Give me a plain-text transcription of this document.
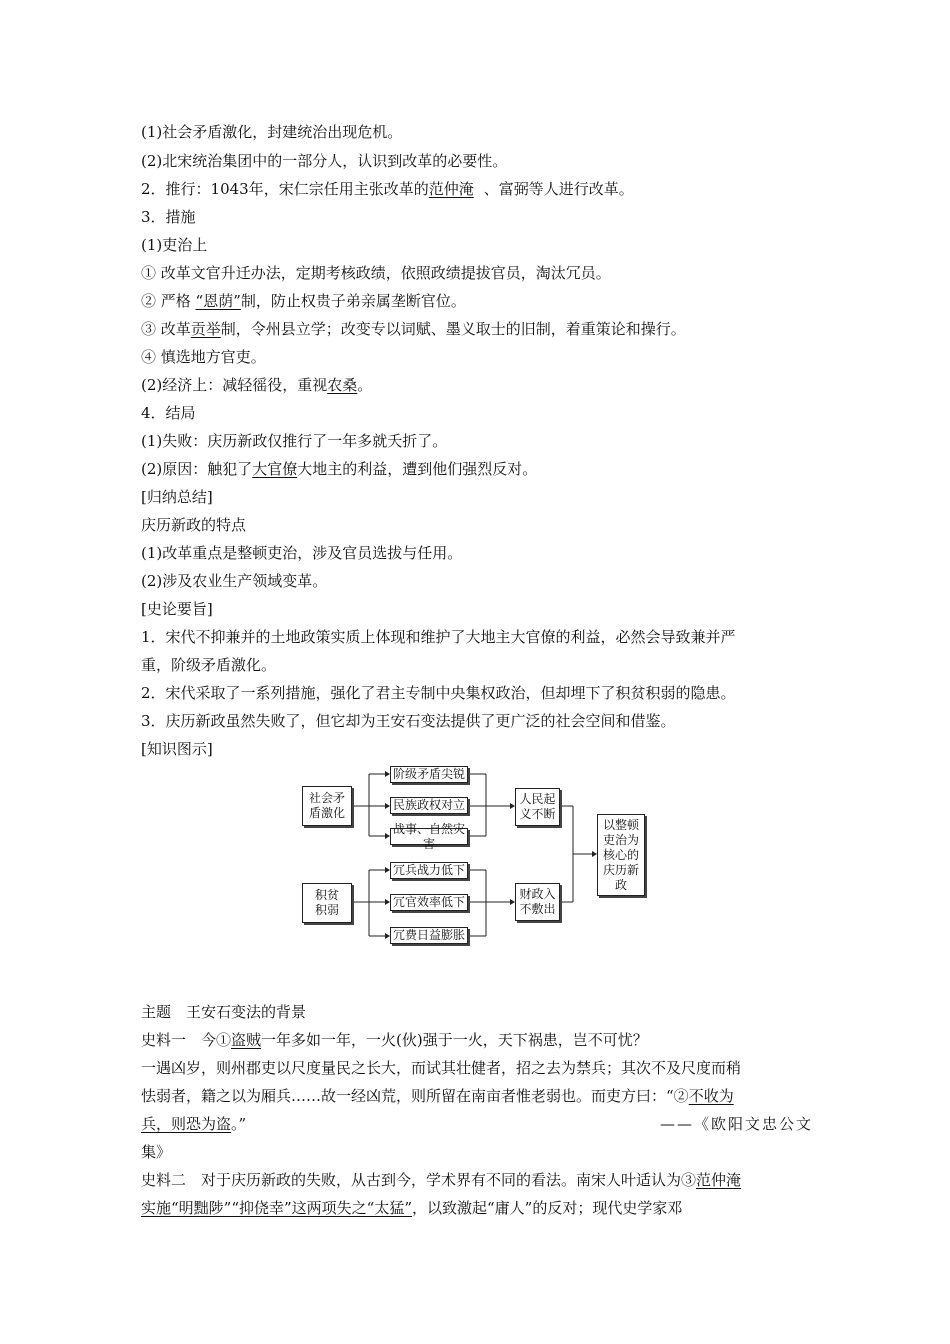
(1)社会矛盾激化，封建统治出现危机。
(2)北宋统治集团中的一部分人，认识到改革的必要性。
2．推行：1043年，宋仁宗任用主张改革的范仲淹 、富弼等人进行改革。
3．措施
(1)吏治上
① 改革文官升迁办法，定期考核政绩，依照政绩提拔官员，淘汰冗员。
② 严格 “恩荫”制，防止权贵子弟亲属垄断官位。
③ 改革贡举制，令州县立学；改变专以词赋、墨义取士的旧制，着重策论和操行。
④ 慎选地方官吏。
(2)经济上：减轻徭役，重视农桑。
4．结局
(1)失败：庆历新政仅推行了一年多就夭折了。
(2)原因：触犯了大官僚大地主的利益，遭到他们强烈反对。
[归纳总结]
庆历新政的特点
(1)改革重点是整顿吏治，涉及官员选拔与任用。
(2)涉及农业生产领域变革。
[史论要旨]
1．宋代不抑兼并的土地政策实质上体现和维护了大地主大官僚的利益，必然会导致兼并严
重，阶级矛盾激化。
2．宋代采取了一系列措施，强化了君主专制中央集权政治，但却埋下了积贫积弱的隐患。
3．庆历新政虽然失败了，但它却为王安石变法提供了更广泛的社会空间和借鉴。
[知识图示]
社会矛
盾激化
阶级矛盾尖锐
民族政权对立
战事、自然灾害
人民起
义不断
积贫
积弱
冗兵战力低下
冗官效率低下
冗费日益膨胀
财政入
不敷出
以整顿
吏治为
核心的
庆历新
政
主题　王安石变法的背景
史料一　今①盗贼一年多如一年，一火(伙)强于一火，天下祸患，岂不可忧？
一遇凶岁，则州郡吏以尺度量民之长大，而试其壮健者，招之去为禁兵；其次不及尺度而稍
怯弱者，籍之以为厢兵……故一经凶荒，则所留在南亩者惟老弱也。而吏方曰：“②不收为
兵，则恐为盗。”	——《欧阳文忠公文
集》
史料二　对于庆历新政的失败，从古到今，学术界有不同的看法。南宋人叶适认为③范仲淹
实施“明黜陟”“抑侥幸”这两项失之“太猛”，以致激起“庸人”的反对；现代史学家邓
